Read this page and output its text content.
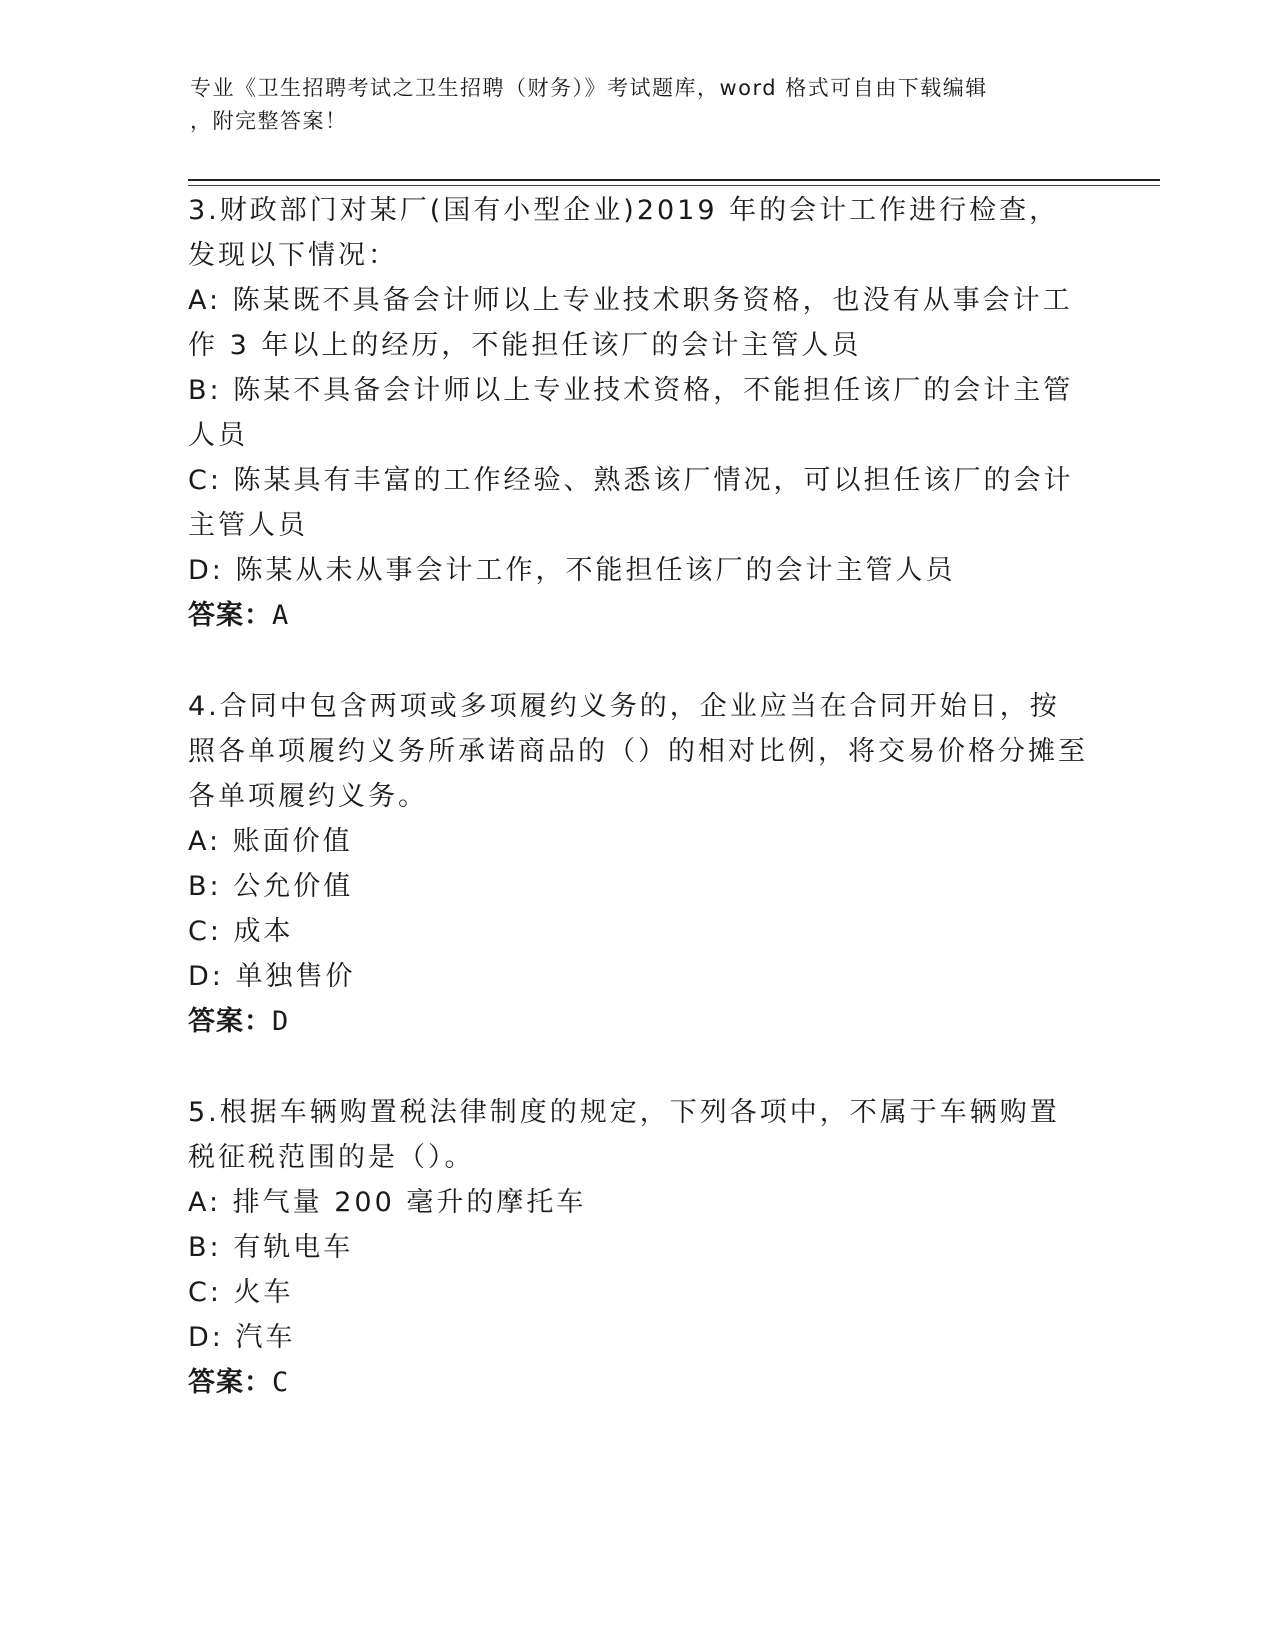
专业《卫生招聘考试之卫生招聘（财务）》考试题库，word 格式可自由下载编辑
，附完整答案！

3.财政部门对某厂(国有小型企业)2019 年的会计工作进行检查，发现以下情况：

A: 陈某既不具备会计师以上专业技术职务资格，也没有从事会计工作 3 年以上的经历，不能担任该厂的会计主管人员

B: 陈某不具备会计师以上专业技术资格，不能担任该厂的会计主管人员

C: 陈某具有丰富的工作经验、熟悉该厂情况，可以担任该厂的会计主管人员

D: 陈某从未从事会计工作，不能担任该厂的会计主管人员

答案：A

4.合同中包含两项或多项履约义务的，企业应当在合同开始日，按照各单项履约义务所承诺商品的（）的相对比例，将交易价格分摊至各单项履约义务。

A: 账面价值

B: 公允价值

C: 成本

D: 单独售价

答案：D

5.根据车辆购置税法律制度的规定，下列各项中，不属于车辆购置税征税范围的是（）。

A: 排气量 200 毫升的摩托车

B: 有轨电车

C: 火车

D: 汽车

答案：C
